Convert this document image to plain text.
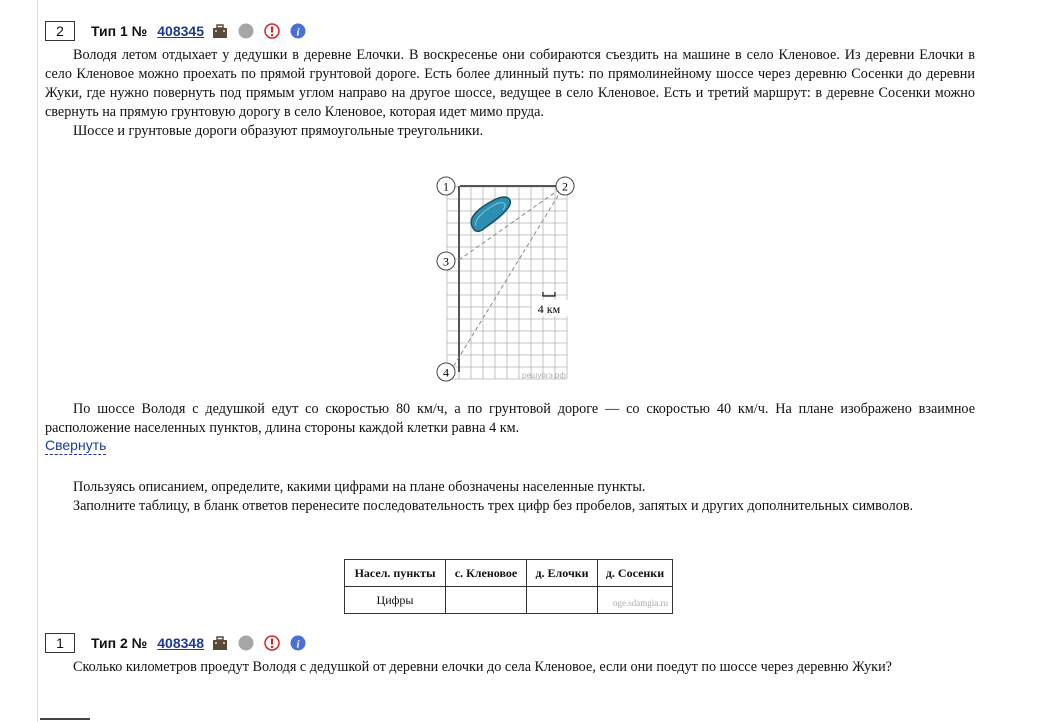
2	Тип 1 № 408345	i

Володя летом отдыхает у дедушки в деревне Елочки. В воскресенье они собираются съездить на машине в село Кленовое. Из деревни Елочки в село Кленовое можно проехать по прямой грунтовой дороге. Есть более длинный путь: по прямолинейному шоссе через деревню Сосенки до деревни Жуки, где нужно повернуть под прямым углом направо на другое шоссе, ведущее в село Кленовое. Есть и третий маршрут: в деревне Сосенки можно свернуть на прямую грунтовую дорогу в село Кленовое, которая идет мимо пруда.

Шоссе и грунтовые дороги образуют прямоугольные треугольники.

1	2
3
4
4 км
решуогэ.рф

По шоссе Володя с дедушкой едут со скоростью 80 км/ч, а по грунтовой дороге — со скоростью 40 км/ч. На плане изображено взаимное расположение населенных пунктов, длина стороны каждой клетки равна 4 км.

Свернуть

Пользуясь описанием, определите, какими цифрами на плане обозначены населенные пункты.

Заполните таблицу, в бланк ответов перенесите последовательность трех цифр без пробелов, запятых и других дополнительных символов.

Насел. пункты	с. Кленовое	д. Елочки	д. Сосенки
Цифры			oge.sdamgia.ru
1	Тип 2 № 408348	i

Сколько километров проедут Володя с дедушкой от деревни елочки до села Кленовое, если они поедут по шоссе через деревню Жуки?
